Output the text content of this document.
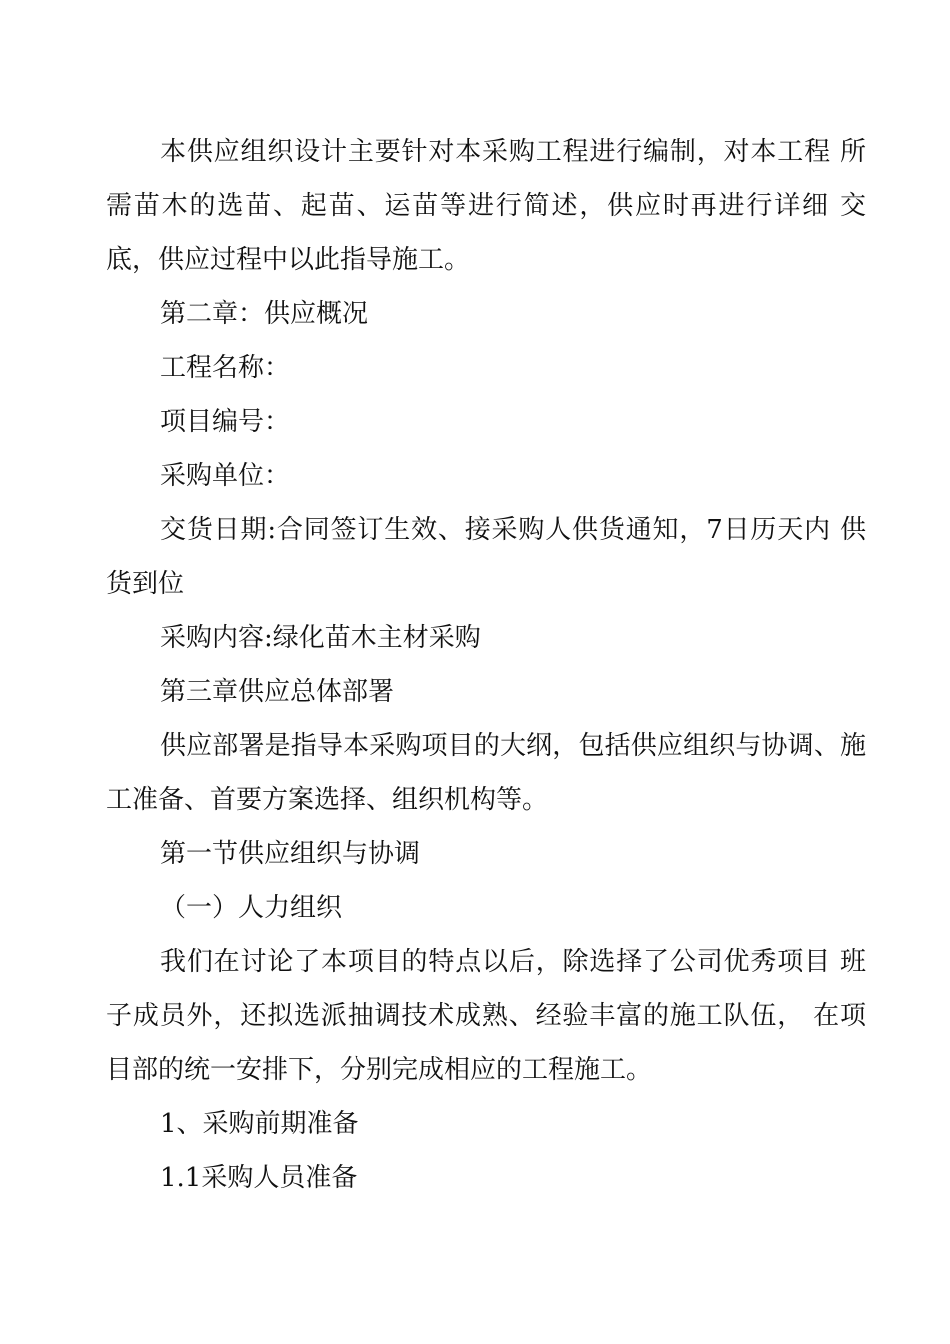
本供应组织设计主要针对本采购工程进行编制，对本工程 所需苗木的选苗、起苗、运苗等进行简述，供应时再进行详细 交底，供应过程中以此指导施工。

第二章：供应概况

工程名称：

项目编号：

采购单位：

交货日期:合同签订生效、接采购人供货通知，7日历天内 供货到位

采购内容:绿化苗木主材采购

第三章供应总体部署

供应部署是指导本采购项目的大纲，包括供应组织与协调、施工准备、首要方案选择、组织机构等。

第一节供应组织与协调

（一）人力组织

我们在讨论了本项目的特点以后，除选择了公司优秀项目 班子成员外，还拟选派抽调技术成熟、经验丰富的施工队伍， 在项目部的统一安排下，分别完成相应的工程施工。

1、采购前期准备

1.1采购人员准备
